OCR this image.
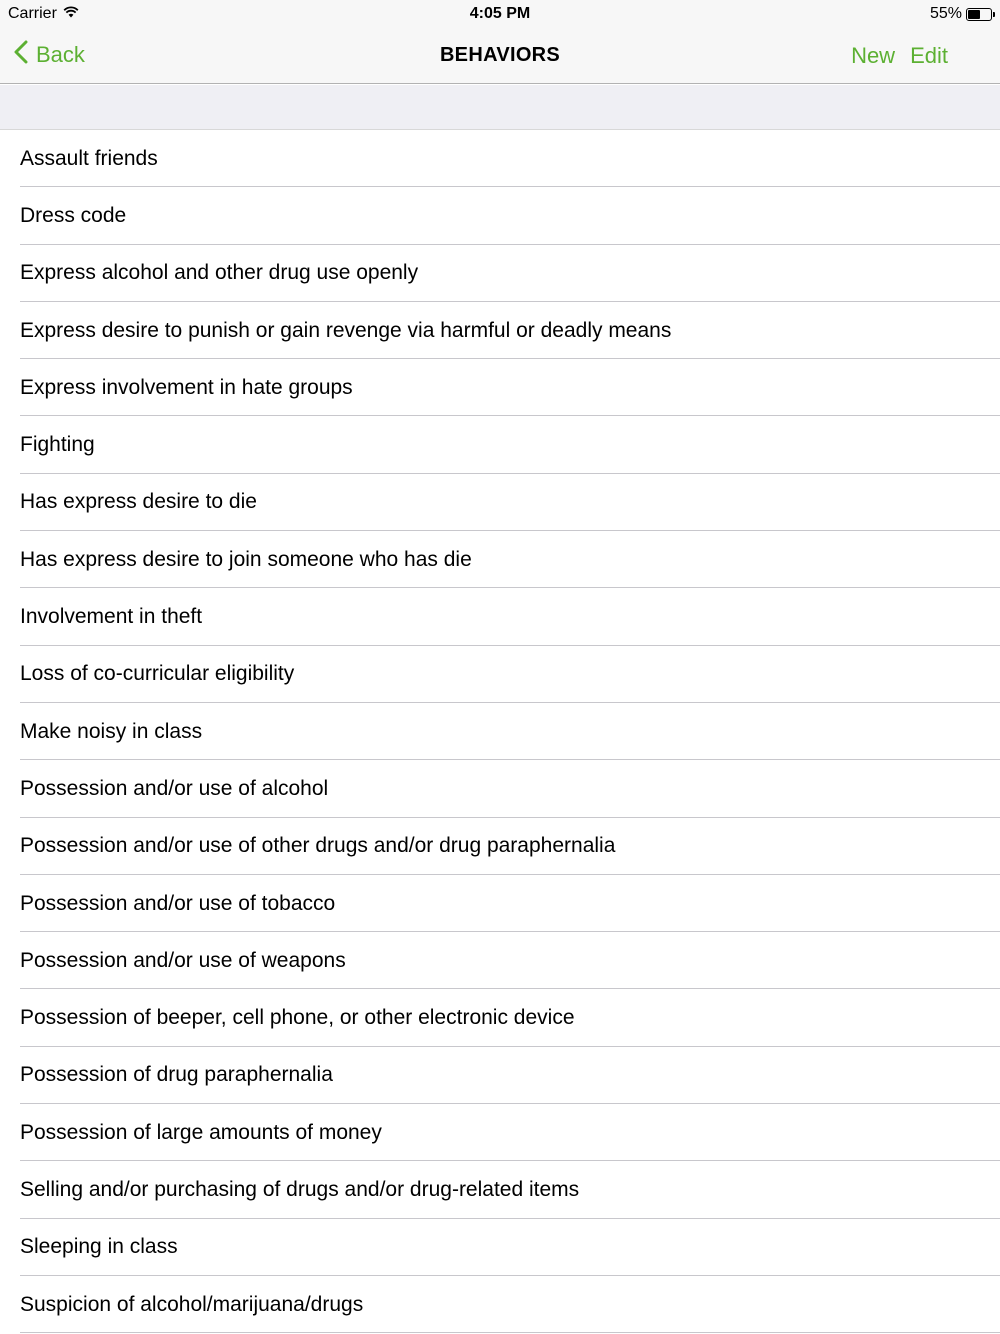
Carrier	4:05 PM	55%
Back	BEHAVIORS	New Edit
Assault friends
Dress code
Express alcohol and other drug use openly
Express desire to punish or gain revenge via harmful or deadly means
Express involvement in hate groups
Fighting
Has express desire to die
Has express desire to join someone who has die
Involvement in theft
Loss of co-curricular eligibility
Make noisy in class
Possession and/or use of alcohol
Possession and/or use of other drugs and/or drug paraphernalia
Possession and/or use of tobacco
Possession and/or use of weapons
Possession of beeper, cell phone, or other electronic device
Possession of drug paraphernalia
Possession of large amounts of money
Selling and/or purchasing of drugs and/or drug-related items
Sleeping in class
Suspicion of alcohol/marijuana/drugs
